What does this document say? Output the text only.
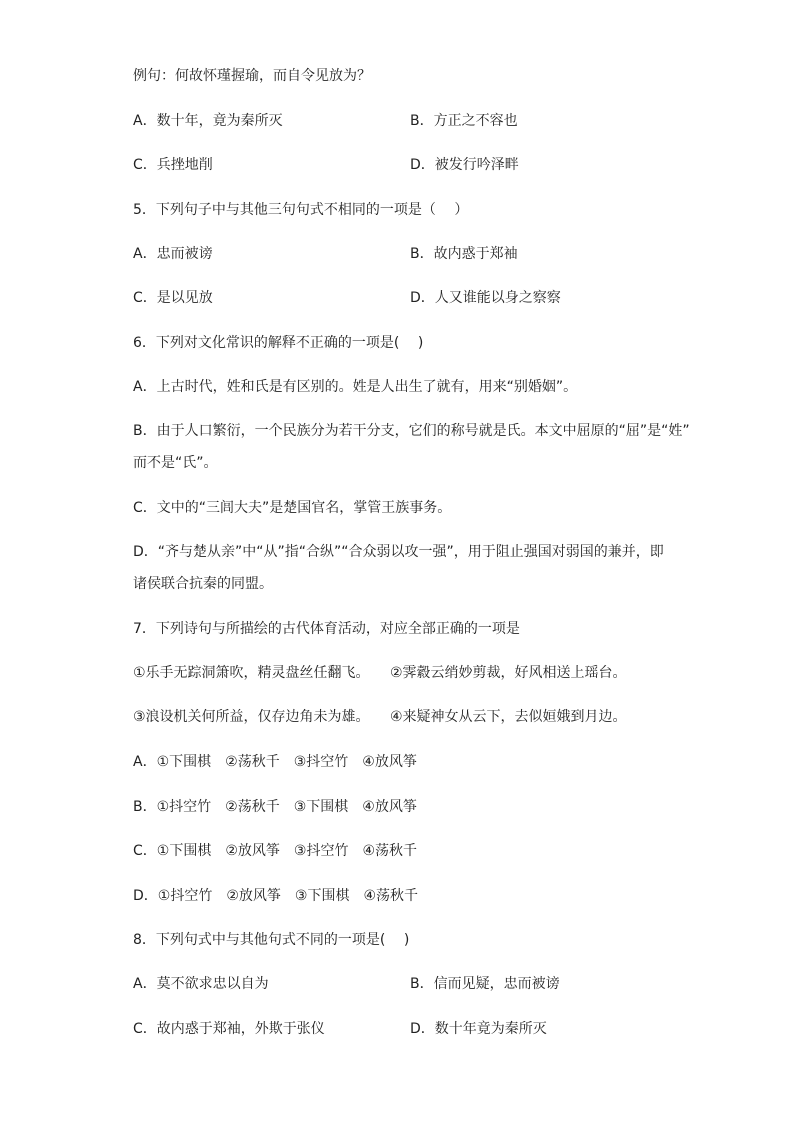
例句：何故怀瑾握瑜，而自令见放为？
A．数十年，竟为秦所灭	B．方正之不容也
C．兵挫地削	D．被发行吟泽畔
5．下列句子中与其他三句句式不相同的一项是（　 ）
A．忠而被谤	B．故内惑于郑袖
C．是以见放	D．人又谁能以身之察察
6．下列对文化常识的解释不正确的一项是(　 )
A．上古时代，姓和氏是有区别的。姓是人出生了就有，用来“别婚姻”。
B．由于人口繁衍，一个民族分为若干分支，它们的称号就是氏。本文中屈原的“屈”是“姓”
而不是“氏”。
C．文中的“三闾大夫”是楚国官名，掌管王族事务。
D．“齐与楚从亲”中“从”指“合纵”“合众弱以攻一强”，用于阻止强国对弱国的兼并，即
诸侯联合抗秦的同盟。
7．下列诗句与所描绘的古代体育活动，对应全部正确的一项是
①乐手无踪洞箫吹，精灵盘丝任翻飞。 ②霁縠云绡妙剪裁，好风相送上瑶台。
③浪设机关何所益，仅存边角未为雄。 ④来疑神女从云下，去似姮娥到月边。
A．①下围棋 ②荡秋千 ③抖空竹 ④放风筝
B．①抖空竹 ②荡秋千 ③下围棋 ④放风筝
C．①下围棋 ②放风筝 ③抖空竹 ④荡秋千
D．①抖空竹 ②放风筝 ③下围棋 ④荡秋千
8．下列句式中与其他句式不同的一项是(　 )
A．莫不欲求忠以自为	B．信而见疑，忠而被谤
C．故内惑于郑袖，外欺于张仪	D．数十年竟为秦所灭
